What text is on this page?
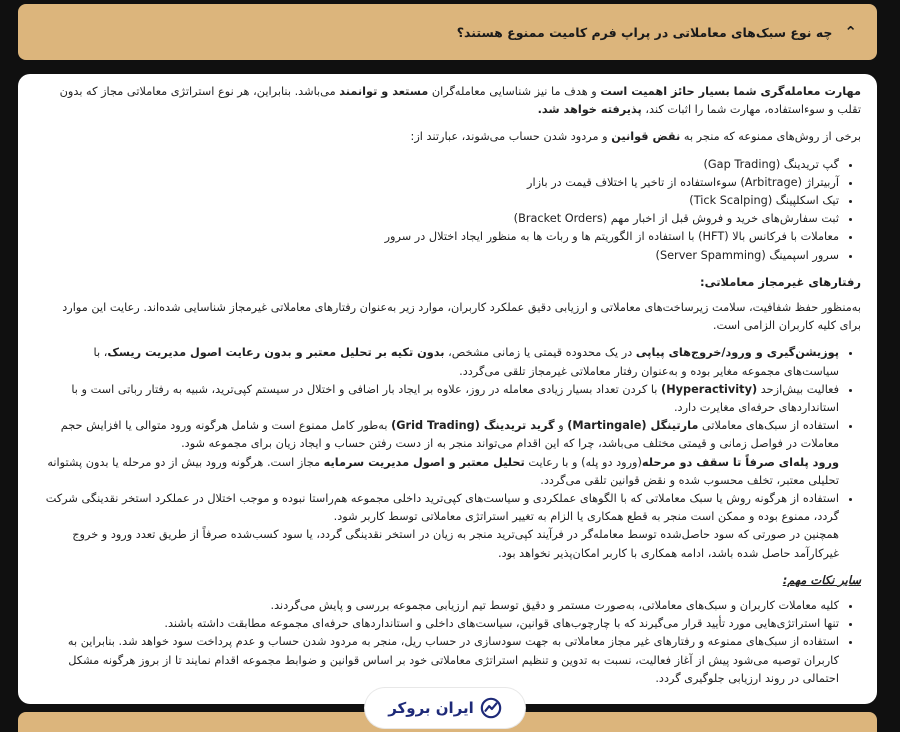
⌃
چه نوع سبک‌های معاملاتی در پراپ فرم کامیت ممنوع هستند؟

مهارت معامله‌گری شما بسیار حائز اهمیت است و هدف ما نیز شناسایی معامله‌گران مستعد و توانمند می‌باشد. بنابراین، هر نوع استراتژی معاملاتی مجاز که بدون تقلب و سوءاستفاده، مهارت شما را اثبات کند، پذیرفته خواهد شد.

برخی از روش‌های ممنوعه که منجر به نقض قوانین و مردود شدن حساب می‌شوند، عبارتند از:

• گپ تریدینگ (Gap Trading)
• آربیتراژ (Arbitrage) سوءاستفاده از تاخیر یا اختلاف قیمت در بازار
• تیک اسکلپینگ (Tick Scalping)
• ثبت سفارش‌های خرید و فروش قبل از اخبار مهم (Bracket Orders)
• معاملات با فرکانس بالا (HFT) با استفاده از الگوریتم ها و ربات ها به منظور ایجاد اختلال در سرور
• سرور اسپمینگ (Server Spamming)
رفتارهای غیرمجاز معاملاتی:

به‌منظور حفظ شفافیت، سلامت زیرساخت‌های معاملاتی و ارزیابی دقیق عملکرد کاربران، موارد زیر به‌عنوان رفتارهای معاملاتی غیرمجاز شناسایی شده‌اند. رعایت این موارد برای کلیه کاربران الزامی است.

• پوزیشن‌گیری و ورود/خروج‌های پیاپی در یک محدوده قیمتی یا زمانی مشخص، بدون تکیه بر تحلیل معتبر و بدون رعایت اصول مدیریت ریسک، با سیاست‌های مجموعه مغایر بوده و به‌عنوان رفتار معاملاتی غیرمجاز تلقی می‌گردد.
• فعالیت بیش‌ازحد (Hyperactivity) با کردن تعداد بسیار زیادی معامله در روز، علاوه بر ایجاد بار اضافی و اختلال در سیستم کپی‌ترید، شبیه به رفتار رباتی است و با استانداردهای حرفه‌ای مغایرت دارد.
• استفاده از سبک‌های معاملاتی مارتینگل (Martingale) و گرید تریدینگ (Grid Trading) به‌طور کامل ممنوع است و شامل هرگونه ورود متوالی یا افزایش حجم معاملات در فواصل زمانی و قیمتی مختلف می‌باشد، چرا که این اقدام می‌تواند منجر به از دست رفتن حساب و ایجاد زیان برای مجموعه شود.
ورود پله‌ای صرفاً تا سقف دو مرحله(ورود دو پله) و با رعایت تحلیل معتبر و اصول مدیریت سرمایه مجاز است. هرگونه ورود بیش از دو مرحله یا بدون پشتوانه تحلیلی معتبر، تخلف محسوب شده و نقض قوانین تلقی می‌گردد.
• استفاده از هرگونه روش یا سبک معاملاتی که با الگوهای عملکردی و سیاست‌های کپی‌ترید داخلی مجموعه هم‌راستا نبوده و موجب اختلال در عملکرد استخر نقدینگی شرکت گردد، ممنوع بوده و ممکن است منجر به قطع همکاری یا الزام به تغییر استراتژی معاملاتی توسط کاربر شود.
همچنین در صورتی که سود حاصل‌شده توسط معامله‌گر در فرآیند کپی‌ترید منجر به زیان در استخر نقدینگی گردد، یا سود کسب‌شده صرفاً از طریق تعدد ورود و خروج غیرکارآمد حاصل شده باشد، ادامه همکاری با کاربر امکان‌پذیر نخواهد بود.
سایر نکات مهم:
• کلیه معاملات کاربران و سبک‌های معاملاتی، به‌صورت مستمر و دقیق توسط تیم ارزیابی مجموعه بررسی و پایش می‌گردند.
• تنها استراتژی‌هایی مورد تأیید قرار می‌گیرند که با چارچوب‌های قوانین، سیاست‌های داخلی و استانداردهای حرفه‌ای مجموعه مطابقت داشته باشند.
• استفاده از سبک‌های ممنوعه و رفتارهای غیر مجاز معاملاتی به جهت سودسازی در حساب ریل، منجر به مردود شدن حساب و عدم پرداخت سود خواهد شد. بنابراین به کاربران توصیه می‌شود پیش از آغاز فعالیت، نسبت به تدوین و تنظیم استراتژی معاملاتی خود بر اساس قوانین و ضوابط مجموعه اقدام نمایند تا از بروز هرگونه مشکل احتمالی در روند ارزیابی جلوگیری گردد.
ایران بروکر
